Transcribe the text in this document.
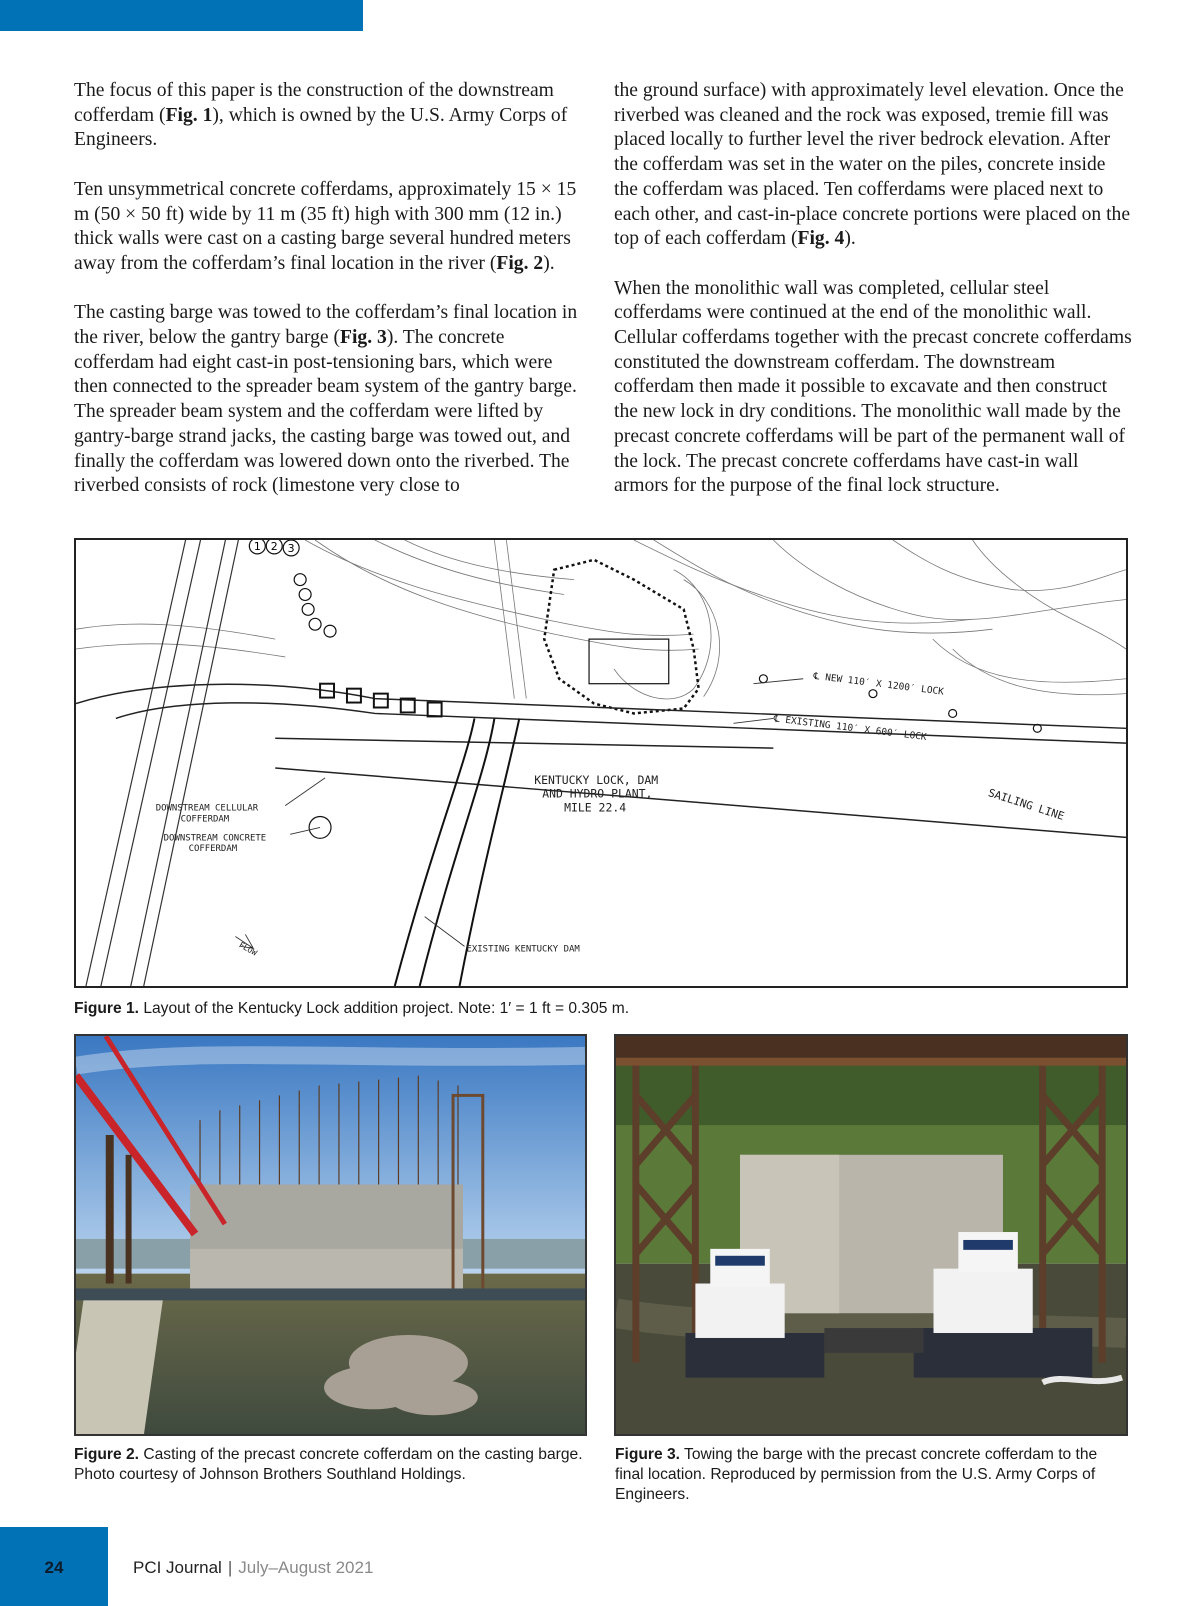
The focus of this paper is the construction of the downstream cofferdam (Fig. 1), which is owned by the U.S. Army Corps of Engineers.

Ten unsymmetrical concrete cofferdams, approximately 15 × 15 m (50 × 50 ft) wide by 11 m (35 ft) high with 300 mm (12 in.) thick walls were cast on a casting barge several hundred meters away from the cofferdam’s final location in the river (Fig. 2).

The casting barge was towed to the cofferdam’s final location in the river, below the gantry barge (Fig. 3). The concrete cofferdam had eight cast-in post-tensioning bars, which were then connected to the spreader beam system of the gantry barge. The spreader beam system and the cofferdam were lifted by gantry-barge strand jacks, the casting barge was towed out, and finally the cofferdam was lowered down onto the riverbed. The riverbed consists of rock (limestone very close to

the ground surface) with approximately level elevation. Once the riverbed was cleaned and the rock was exposed, tremie fill was placed locally to further level the river bedrock elevation. After the cofferdam was set in the water on the piles, concrete inside the cofferdam was placed. Ten cofferdams were placed next to each other, and cast-in-place concrete portions were placed on the top of each cofferdam (Fig. 4).

When the monolithic wall was completed, cellular steel cofferdams were continued at the end of the monolithic wall. Cellular cofferdams together with the precast concrete cofferdams constituted the downstream cofferdam. The downstream cofferdam then made it possible to excavate and then construct the new lock in dry conditions. The monolithic wall made by the precast concrete cofferdams will be part of the permanent wall of the lock. The precast concrete cofferdams have cast-in wall armors for the purpose of the final lock structure.

1 2 3
℄ NEW 110′ X 1200′ LOCK
℄ EXISTING 110′ X 600′ LOCK
SAILING LINE
KENTUCKY LOCK, DAM
AND HYDRO PLANT,
MILE 22.4
DOWNSTREAM CELLULAR
COFFERDAM
DOWNSTREAM CONCRETE
COFFERDAM
EXISTING KENTUCKY DAM
FLOW
Figure 1. Layout of the Kentucky Lock addition project. Note: 1′ = 1 ft = 0.305 m.
Figure 2. Casting of the precast concrete cofferdam on the casting barge. Photo courtesy of Johnson Brothers Southland Holdings.
Figure 3. Towing the barge with the precast concrete cofferdam to the final location. Reproduced by permission from the U.S. Army Corps of Engineers.
24	PCI Journal | July–August 2021
